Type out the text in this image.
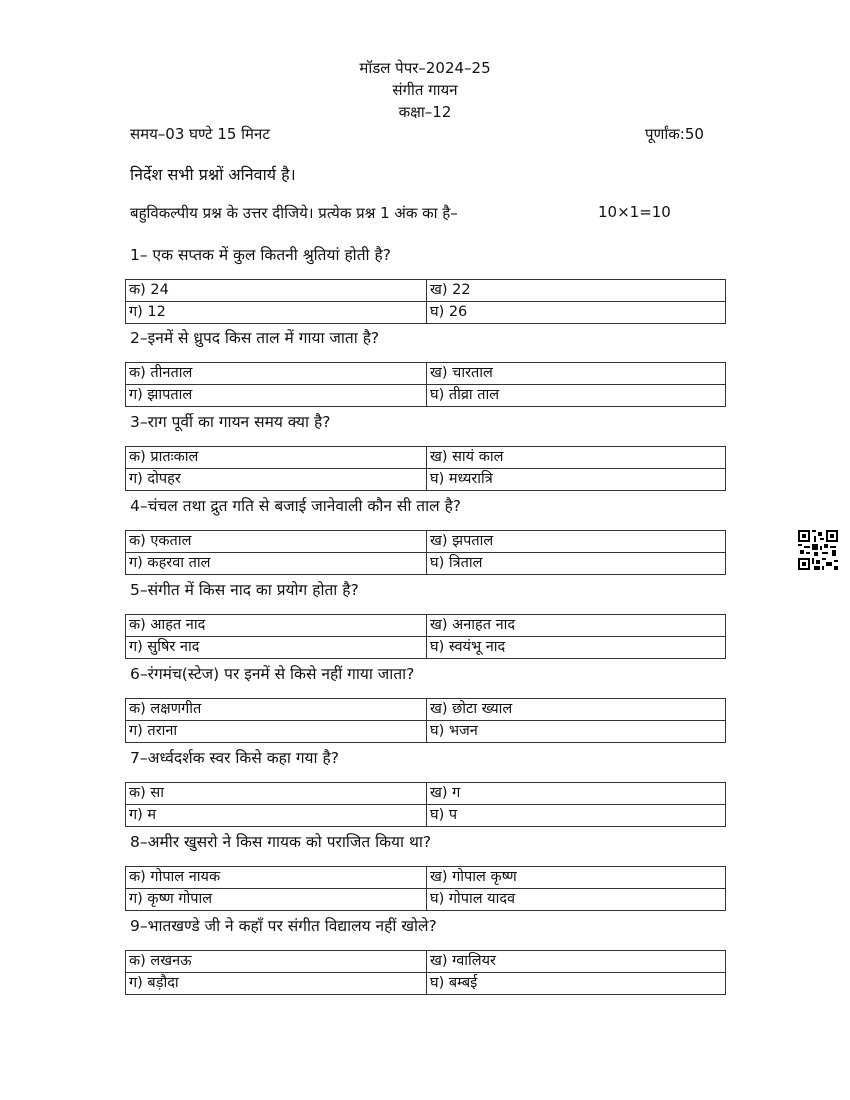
मॉडल पेपर–2024–25
संगीत गायन
कक्षा–12
समय–03 घण्टे 15 मिनट	पूर्णांक:50
निर्देश सभी प्रश्नों अनिवार्य है।
बहुविकल्पीय प्रश्न के उत्तर दीजिये। प्रत्येक प्रश्न 1 अंक का है–	10×1=10
1– एक सप्तक में कुल कितनी श्रुतियां होती है?
क) 24	ख) 22
ग) 12	घ) 26
2–इनमें से ध्रुपद किस ताल में गाया जाता है?
क) तीनताल	ख) चारताल
ग) झापताल	घ) तीव्रा ताल
3–राग पूर्वी का गायन समय क्या है?
क) प्रातःकाल	ख) सायं काल
ग) दोपहर	घ) मध्यरात्रि
4–चंचल तथा द्रुत गति से बजाई जानेवाली कौन सी ताल है?
क) एकताल	ख) झपताल
ग) कहरवा ताल	घ) त्रिताल
5–संगीत में किस नाद का प्रयोग होता है?
क) आहत नाद	ख) अनाहत नाद
ग) सुषिर नाद	घ) स्वयंभू नाद
6–रंगमंच(स्टेज) पर इनमें से किसे नहीं गाया जाता?
क) लक्षणगीत	ख) छोटा ख्याल
ग) तराना	घ) भजन
7–अर्ध्वदर्शक स्वर किसे कहा गया है?
क) सा	ख) ग
ग) म	घ) प
8–अमीर खुसरो ने किस गायक को पराजित किया था?
क) गोपाल नायक	ख) गोपाल कृष्ण
ग) कृष्ण गोपाल	घ) गोपाल यादव
9–भातखण्डे जी ने कहाँ पर संगीत विद्यालय नहीं खोले?
क) लखनऊ	ख) ग्वालियर
ग) बड़ौदा	घ) बम्बई
